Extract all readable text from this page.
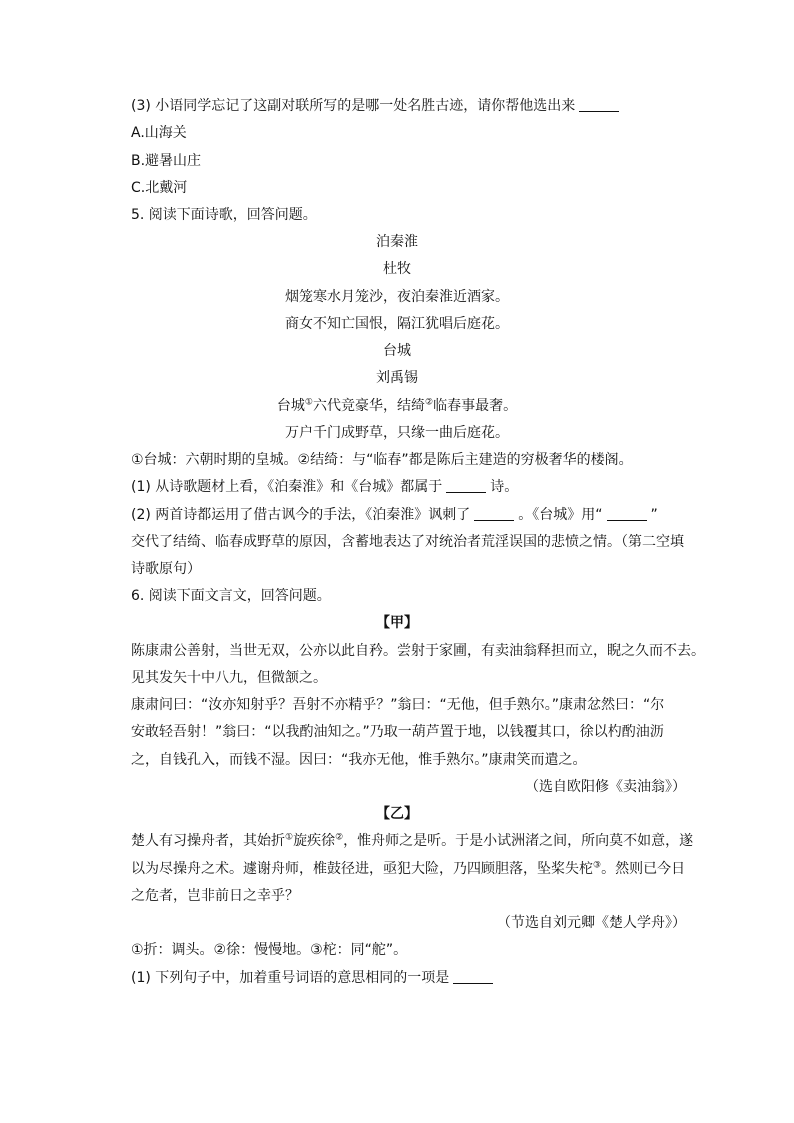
(3) 小语同学忘记了这副对联所写的是哪一处名胜古迹，请你帮他选出来
A.山海关
B.避暑山庄
C.北戴河
5. 阅读下面诗歌，回答问题。
泊秦淮
杜牧
烟笼寒水月笼沙，夜泊秦淮近酒家。
商女不知亡国恨，隔江犹唱后庭花。
台城
刘禹锡
台城①六代竞豪华，结绮②临春事最奢。
万户千门成野草，只缘一曲后庭花。
①台城：六朝时期的皇城。②结绮：与“临春”都是陈后主建造的穷极奢华的楼阁。
(1) 从诗歌题材上看，《泊秦淮》和《台城》都属于	诗。
(2) 两首诗都运用了借古讽今的手法，《泊秦淮》讽刺了	。《台城》用“	”
交代了结绮、临春成野草的原因，含蓄地表达了对统治者荒淫误国的悲愤之情。（第二空填
诗歌原句）
6. 阅读下面文言文，回答问题。
【甲】
陈康肃公善射，当世无双，公亦以此自矜。尝射于家圃，有卖油翁释担而立，睨之久而不去。
见其发矢十中八九，但微颔之。
康肃问曰：“汝亦知射乎？吾射不亦精乎？”翁曰：“无他，但手熟尔。”康肃忿然曰：“尔
安敢轻吾射！”翁曰：“以我酌油知之。”乃取一葫芦置于地，以钱覆其口，徐以杓酌油沥
之，自钱孔入，而钱不湿。因曰：“我亦无他，惟手熟尔。”康肃笑而遣之。
（选自欧阳修《卖油翁》）
【乙】
楚人有习操舟者，其始折①旋疾徐②，惟舟师之是听。于是小试洲渚之间，所向莫不如意，遂
以为尽操舟之术。遽谢舟师，椎鼓径进，亟犯大险，乃四顾胆落，坠桨失柁③。然则已今日
之危者，岂非前日之幸乎？
（节选自刘元卿《楚人学舟》）
①折：调头。②徐：慢慢地。③柁：同“舵”。
(1) 下列句子中，加着重号词语的意思相同的一项是
